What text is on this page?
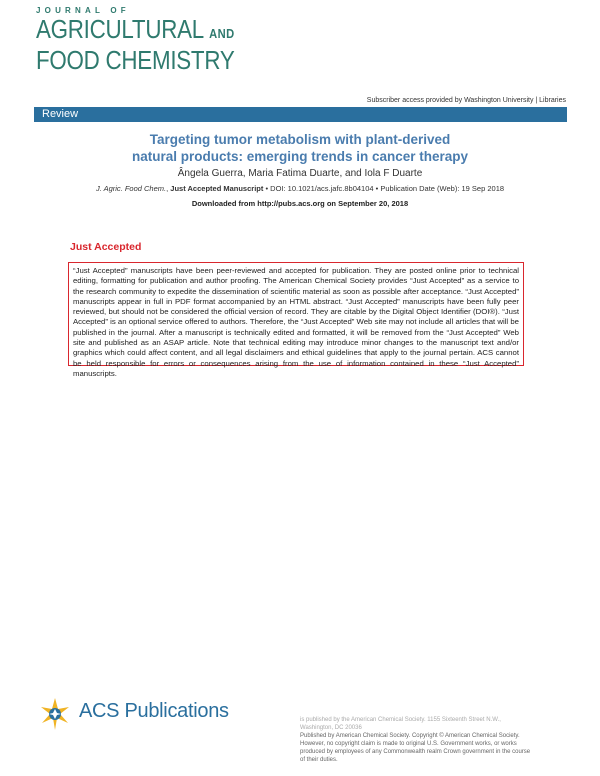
JOURNAL OF
AGRICULTURAL AND
FOOD CHEMISTRY
Subscriber access provided by Washington University | Libraries
Review
Targeting tumor metabolism with plant-derived
natural products: emerging trends in cancer therapy
Ângela Guerra, Maria Fatima Duarte, and Iola F Duarte
J. Agric. Food Chem., Just Accepted Manuscript • DOI: 10.1021/acs.jafc.8b04104 • Publication Date (Web): 19 Sep 2018
Downloaded from http://pubs.acs.org on September 20, 2018
Just Accepted

“Just Accepted” manuscripts have been peer-reviewed and accepted for publication. They are posted online prior to technical editing, formatting for publication and author proofing. The American Chemical Society provides “Just Accepted” as a service to the research community to expedite the dissemination of scientific material as soon as possible after acceptance. “Just Accepted” manuscripts appear in full in PDF format accompanied by an HTML abstract. “Just Accepted” manuscripts have been fully peer reviewed, but should not be considered the official version of record. They are citable by the Digital Object Identifier (DOI®). “Just Accepted” is an optional service offered to authors. Therefore, the “Just Accepted” Web site may not include all articles that will be published in the journal. After a manuscript is technically edited and formatted, it will be removed from the “Just Accepted” Web site and published as an ASAP article. Note that technical editing may introduce minor changes to the manuscript text and/or graphics which could affect content, and all legal disclaimers and ethical guidelines that apply to the journal pertain. ACS cannot be held responsible for errors or consequences arising from the use of information contained in these “Just Accepted” manuscripts.

ACS Publications	is published by the American Chemical Society. 1155 Sixteenth Street N.W.,
Washington, DC 20036
Published by American Chemical Society. Copyright © American Chemical Society.
However, no copyright claim is made to original U.S. Government works, or works
produced by employees of any Commonwealth realm Crown government in the course
of their duties.
